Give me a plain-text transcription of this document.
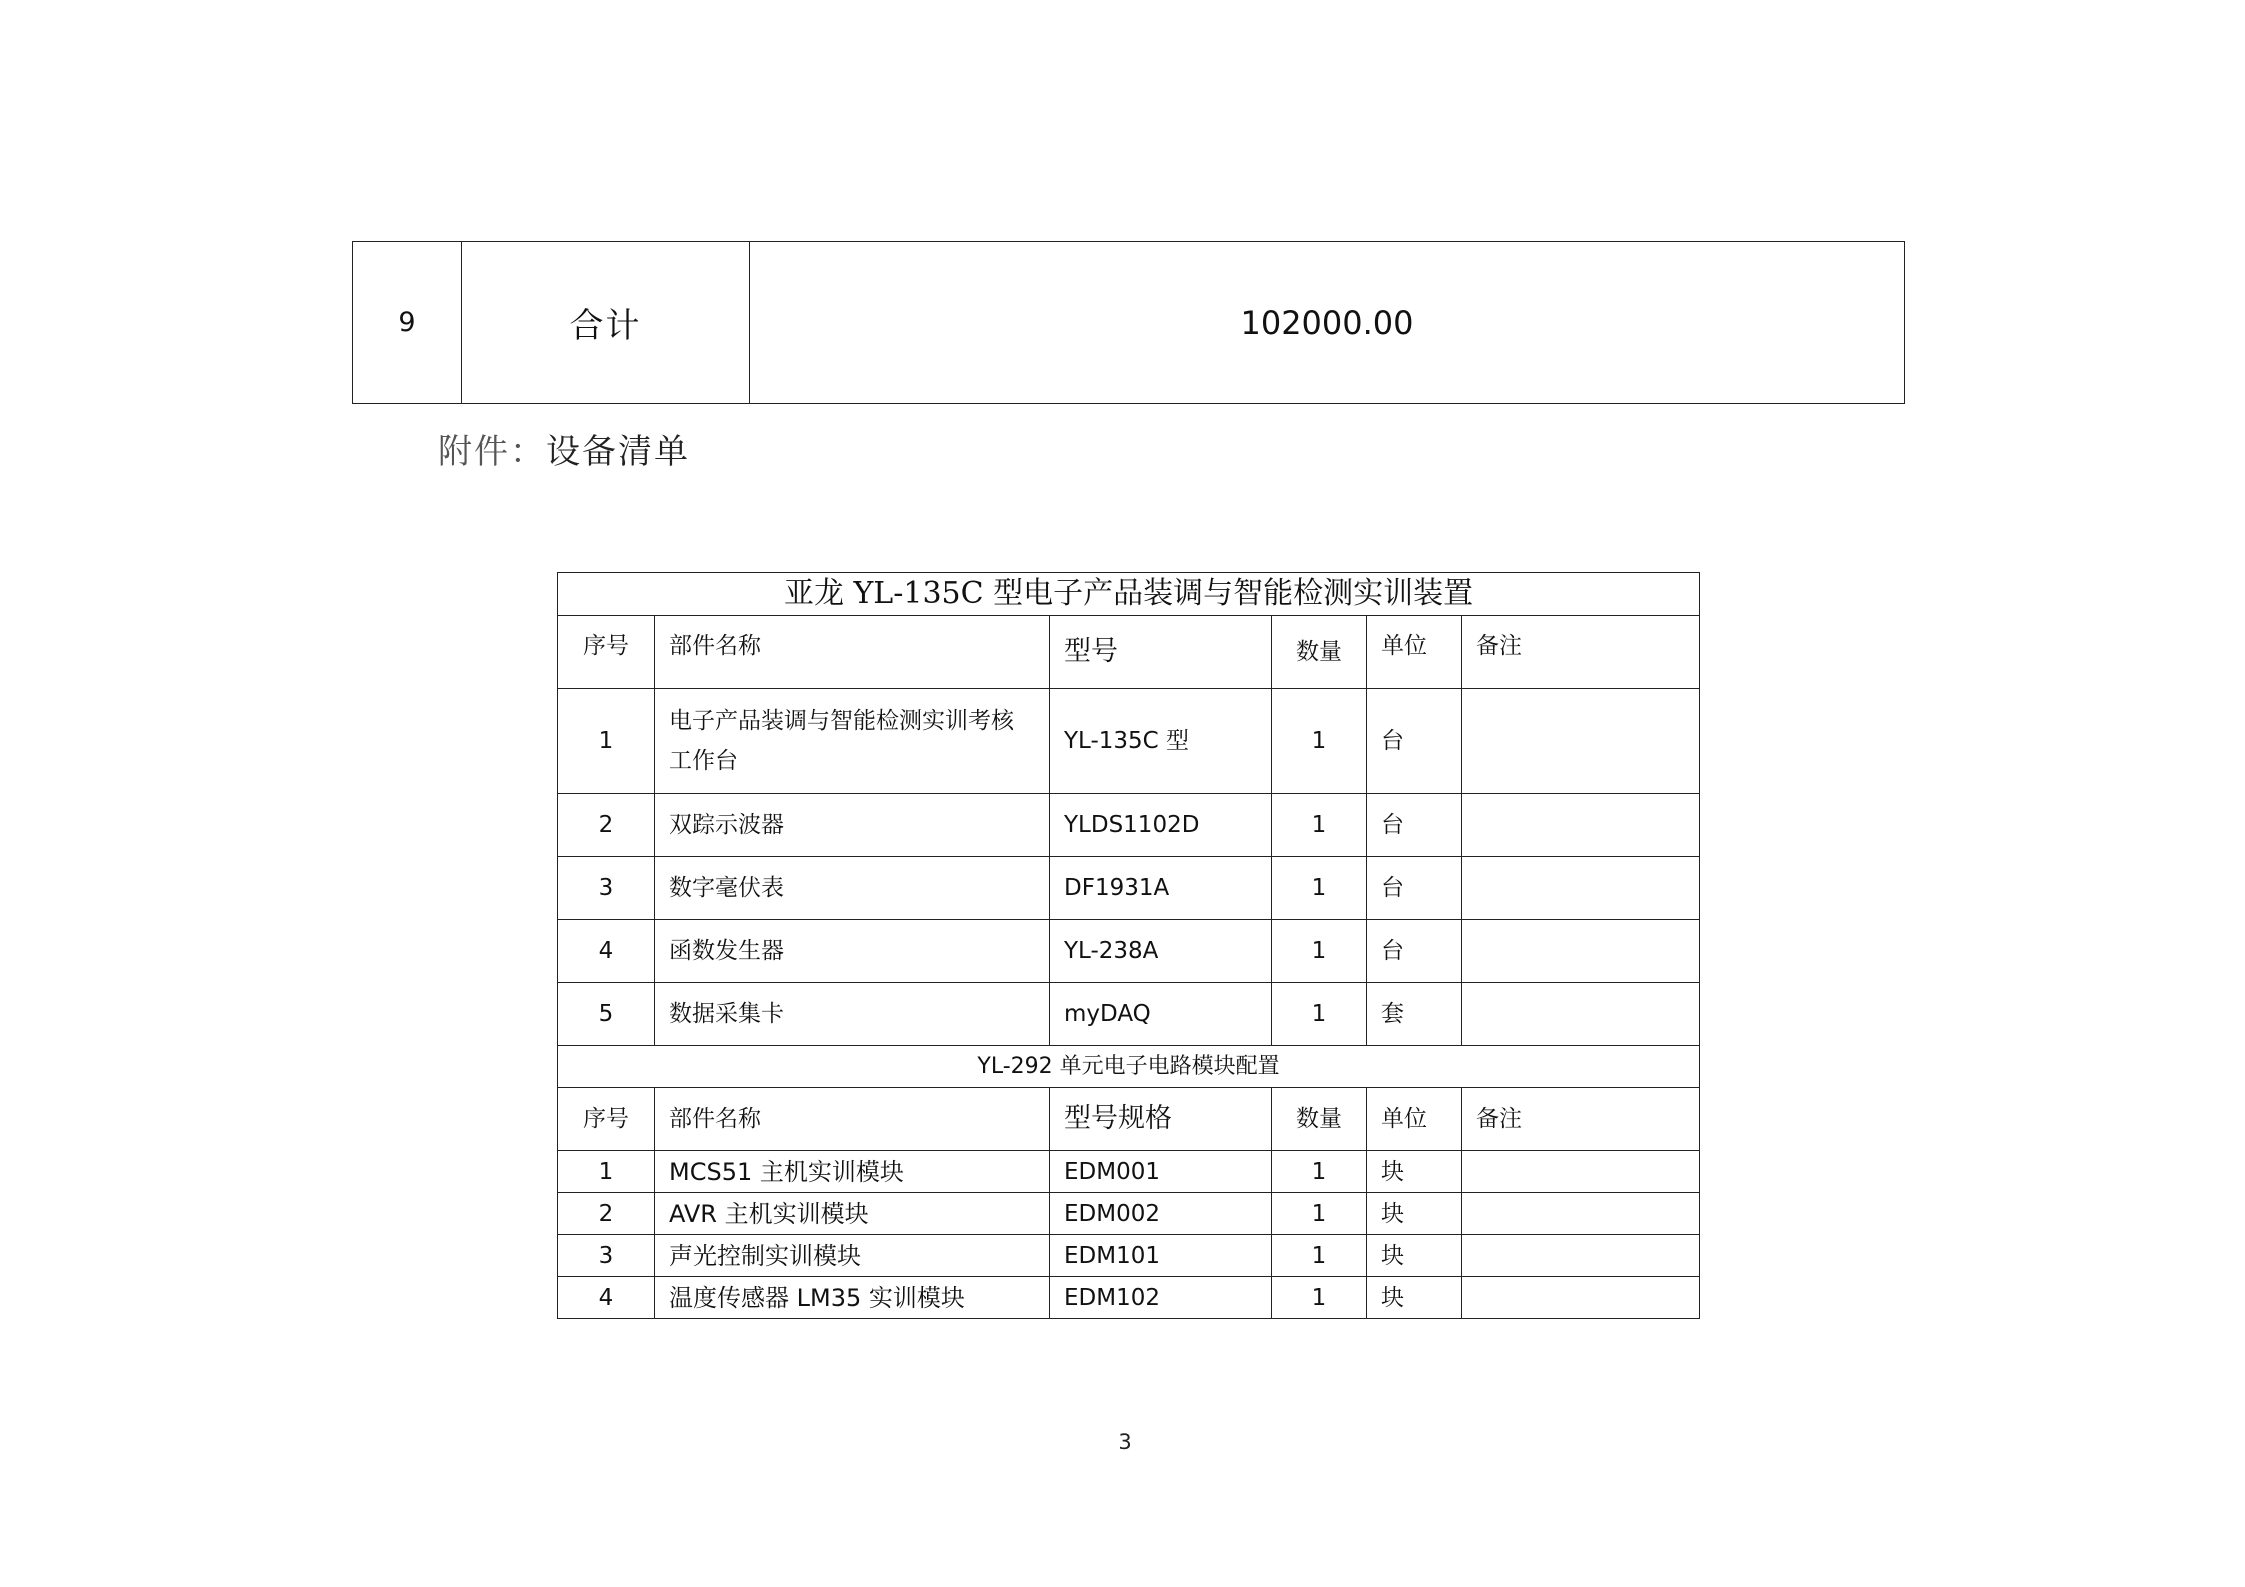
9	合计	102000.00
附件：设备清单
亚龙 YL-135C 型电子产品装调与智能检测实训装置					
序号	部件名称	型号	数量	单位	备注
1	电子产品装调与智能检测实训考核工作台	YL-135C 型	1	台	
2	双踪示波器	YLDS1102D	1	台	
3	数字毫伏表	DF1931A	1	台	
4	函数发生器	YL-238A	1	台	
5	数据采集卡	myDAQ	1	套	
YL-292 单元电子电路模块配置					
序号	部件名称	型号规格	数量	单位	备注
1	MCS51 主机实训模块	EDM001	1	块	
2	AVR 主机实训模块	EDM002	1	块	
3	声光控制实训模块	EDM101	1	块	
4	温度传感器 LM35 实训模块	EDM102	1	块	
3
